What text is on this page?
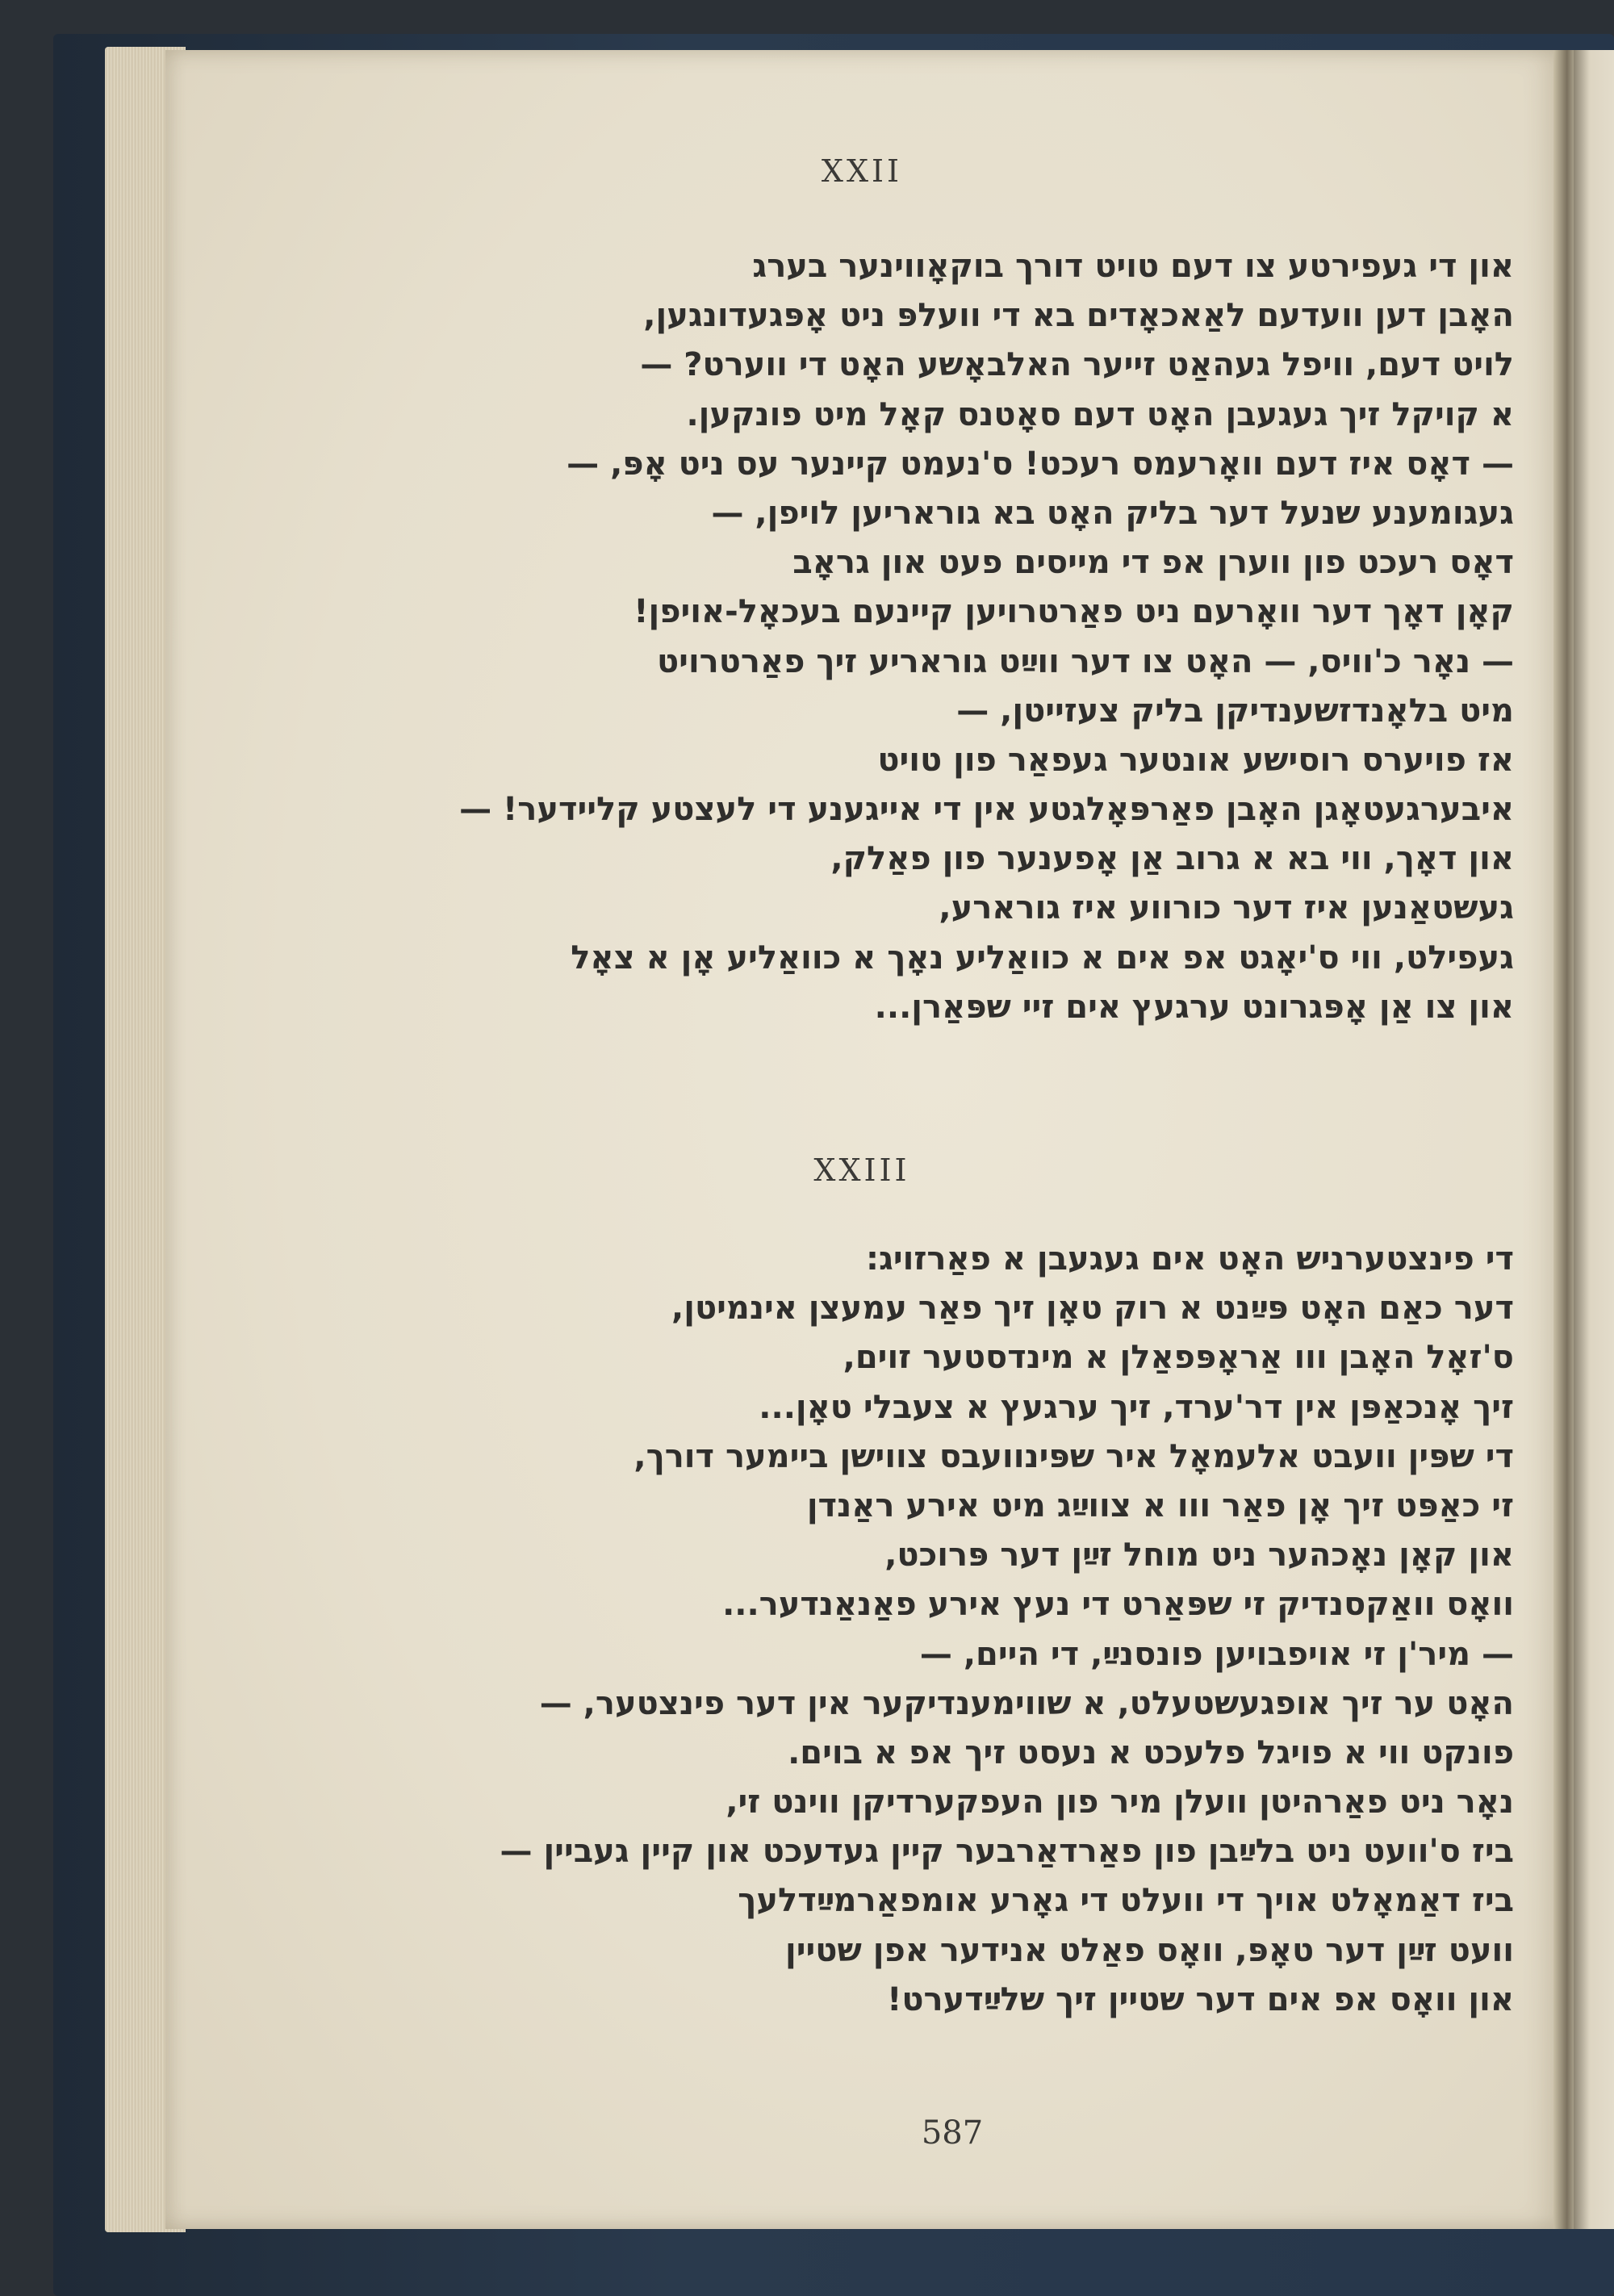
XXII
און די געפירטע צו דעם טויט דורך בוקאָווינער בערג
האָבן דען וועדעם לאַאכאָדים בא די וועלפּ ניט אָפּגעדונגען,
לויט דעם, וויפל געהאַט זייער האלבאָשע האָט די ווערט? —
א קויקל זיך געגעבן האָט דעם סאָטנס קאָל מיט פונקען.
— דאָס איז דעם וואָרעמס רעכט! ס'נעמט קיינער עס ניט אָפּ, —
געגומענע שנעל דער בליק האָט בא גוראריען לויפן, —
דאָס רעכט פון ווערן אפ די מייסים פעט און גראָב
קאָן דאָך דער וואָרעם ניט פאַרטרויען קיינעם בעכאָל-אויפן!
— נאָר כ'וויס, — האָט צו דער ווײַט גוראריע זיך פאַרטרויט
מיט בלאָנדזשענדיקן בליק צעזייטן, —
אז פויערס רוסישע אונטער געפאַר פון טויט
איבערגעטאָגן האָבן פאַרפּאָלגטע אין די אייגענע די לעצטע קליידער! —
און דאָך, ווי בא א גרוב אַן אָפענער פון פאַלק,
געשטאַנען איז דער כורווע איז גורארע,
געפילט, ווי ס'יאָגט אפ אים א כוואַליע נאָך א כוואַליע אָן א צאָל
און צו אַן אָפּגרונט ערגעץ אים זיי שפּאַרן...
XXIII
די פינצטערניש האָט אים געגעבן א פאַרזויג:
דער כאַם האָט פּײַנט א רוק טאָן זיך פאַר עמעצן אינמיטן,
ס'זאָל האָבן ווו אַראָפּפאַלן א מינדסטער זוים,
זיך אָנכאַפּן אין דר'ערד, זיך ערגעץ א צעבלי טאָן...
די שפּין וועבט אלעמאָל איר שפּינוועבס צווישן ביימער דורך,
זי כאַפּט זיך אָן פאַר ווו א צווײַג מיט אירע ראַנדן
און קאָן נאָכהער ניט מוחל זײַן דער פּרוכט,
וואָס וואַקסנדיק זי שפּאַרט די נעץ אירע פאַנאַנדער...
— מיר'ן זי אויפבויען פונסנײַ, די היים, —
האָט ער זיך אופגעשטעלט, א שווימענדיקער אין דער פינצטער, —
פונקט ווי א פויגל פלעכט א נעסט זיך אפ א בוים.
נאָר ניט פאַרהיטן וועלן מיר פון העפקערדיקן ווינט זי,
ביז ס'וועט ניט בלײַבן פון פאַרדאַרבער קיין געדעכט און קיין געביין —
ביז דאַמאָלט אויך די וועלט די גאָרע אומפאַרמײַדלעך
וועט זײַן דער טאָפּ, וואָס פאַלט אנידער אפן שטיין
און וואָס אפ אים דער שטיין זיך שלײַדערט!
587
